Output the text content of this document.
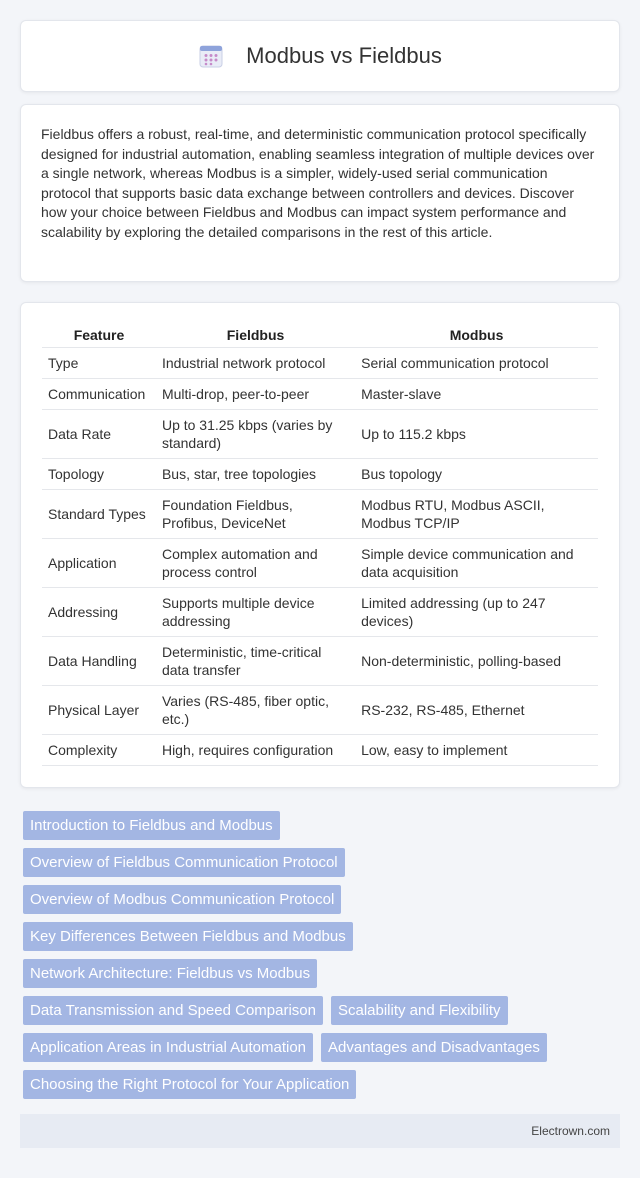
Modbus vs Fieldbus

Fieldbus offers a robust, real-time, and deterministic communication protocol specifically designed for industrial automation, enabling seamless integration of multiple devices over a single network, whereas Modbus is a simpler, widely-used serial communication protocol that supports basic data exchange between controllers and devices. Discover how your choice between Fieldbus and Modbus can impact system performance and scalability by exploring the detailed comparisons in the rest of this article.

Feature	Fieldbus	Modbus
Type	Industrial network protocol	Serial communication protocol
Communication	Multi-drop, peer-to-peer	Master-slave
Data Rate	Up to 31.25 kbps (varies by standard)	Up to 115.2 kbps
Topology	Bus, star, tree topologies	Bus topology
Standard Types	Foundation Fieldbus, Profibus, DeviceNet	Modbus RTU, Modbus ASCII, Modbus TCP/IP
Application	Complex automation and process control	Simple device communication and data acquisition
Addressing	Supports multiple device addressing	Limited addressing (up to 247 devices)
Data Handling	Deterministic, time-critical data transfer	Non-deterministic, polling-based
Physical Layer	Varies (RS-485, fiber optic, etc.)	RS-232, RS-485, Ethernet
Complexity	High, requires configuration	Low, easy to implement
Introduction to Fieldbus and Modbus
Overview of Fieldbus Communication Protocol
Overview of Modbus Communication Protocol
Key Differences Between Fieldbus and Modbus
Network Architecture: Fieldbus vs Modbus
Data Transmission and Speed Comparison	Scalability and Flexibility
Application Areas in Industrial Automation	Advantages and Disadvantages
Choosing the Right Protocol for Your Application
Electrown.com
